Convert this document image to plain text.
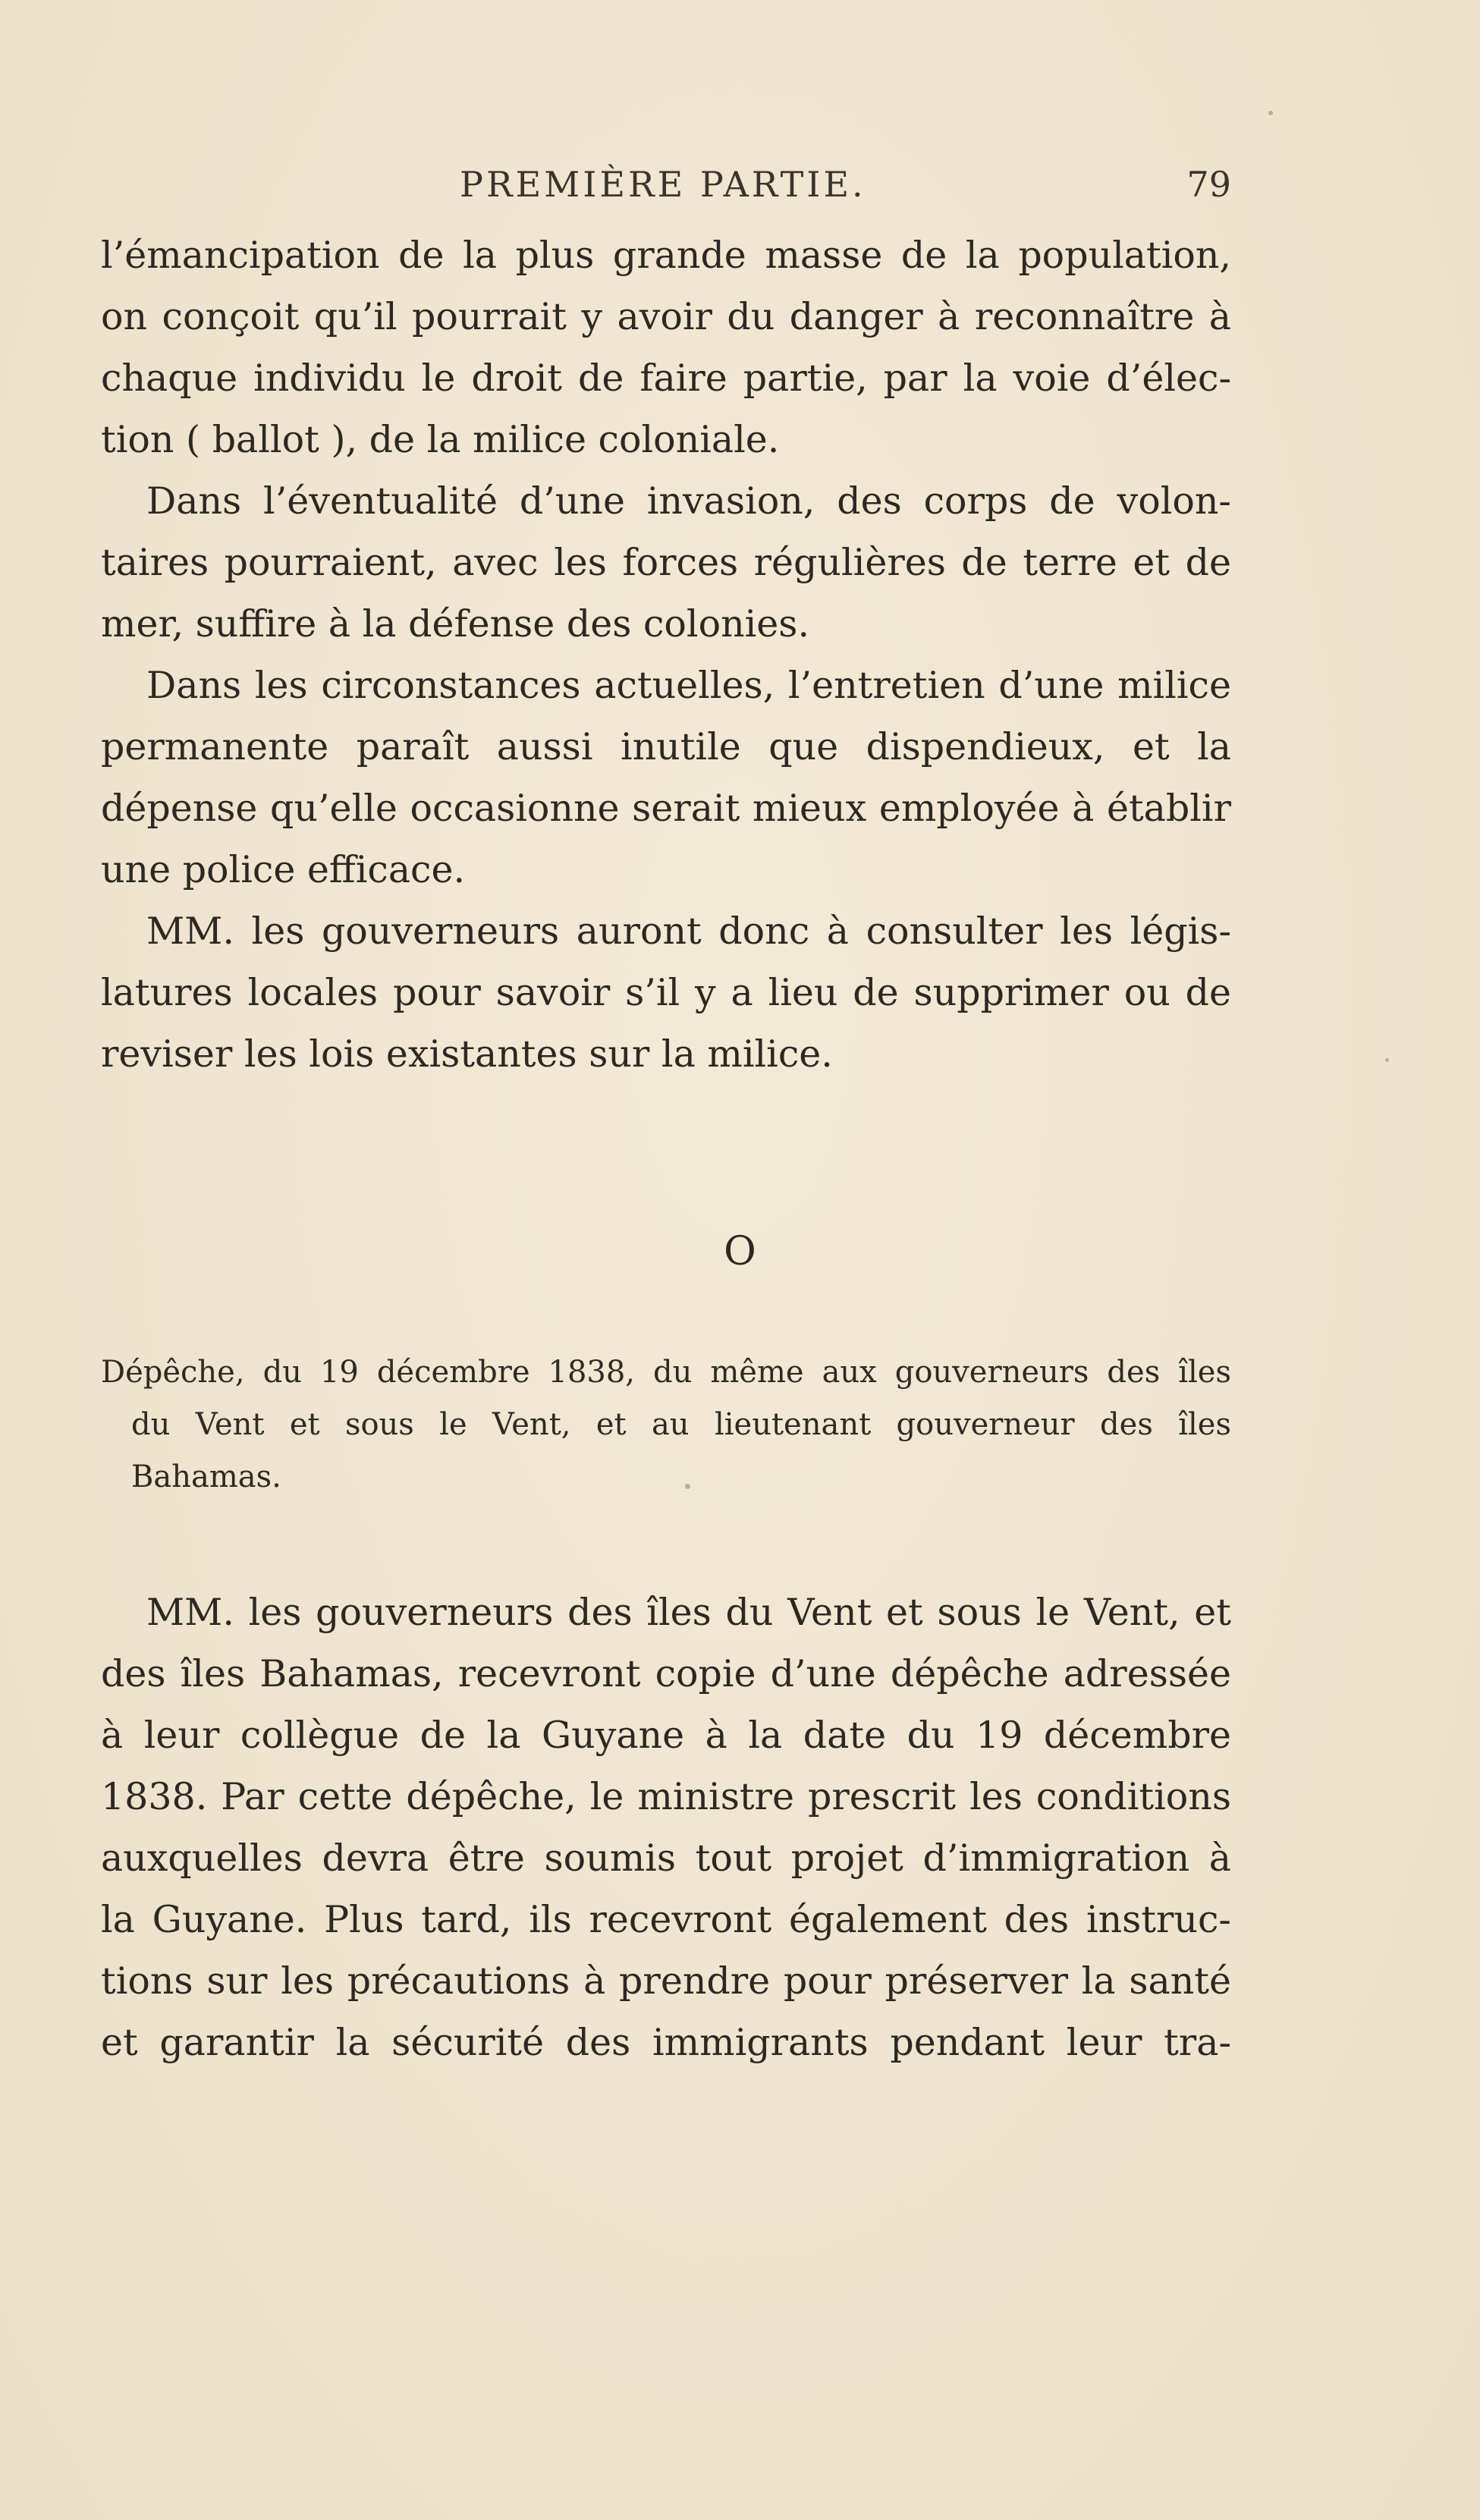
PREMIÈRE PARTIE.	79
l’émancipation de la plus grande masse de la population,
on conçoit qu’il pourrait y avoir du danger à reconnaître à
chaque individu le droit de faire partie, par la voie d’élec-
tion ( ballot ), de la milice coloniale.
Dans l’éventualité d’une invasion, des corps de volon-
taires pourraient, avec les forces régulières de terre et de
mer, suffire à la défense des colonies.
Dans les circonstances actuelles, l’entretien d’une milice
permanente paraît aussi inutile que dispendieux, et la
dépense qu’elle occasionne serait mieux employée à établir
une police efficace.
MM. les gouverneurs auront donc à consulter les légis-
latures locales pour savoir s’il y a lieu de supprimer ou de
reviser les lois existantes sur la milice.
O
Dépêche, du 19 décembre 1838, du même aux gouverneurs des îles
du Vent et sous le Vent, et au lieutenant gouverneur des îles
Bahamas.
MM. les gouverneurs des îles du Vent et sous le Vent, et
des îles Bahamas, recevront copie d’une dépêche adressée
à leur collègue de la Guyane à la date du 19 décembre
1838. Par cette dépêche, le ministre prescrit les conditions
auxquelles devra être soumis tout projet d’immigration à
la Guyane. Plus tard, ils recevront également des instruc-
tions sur les précautions à prendre pour préserver la santé
et garantir la sécurité des immigrants pendant leur tra-
